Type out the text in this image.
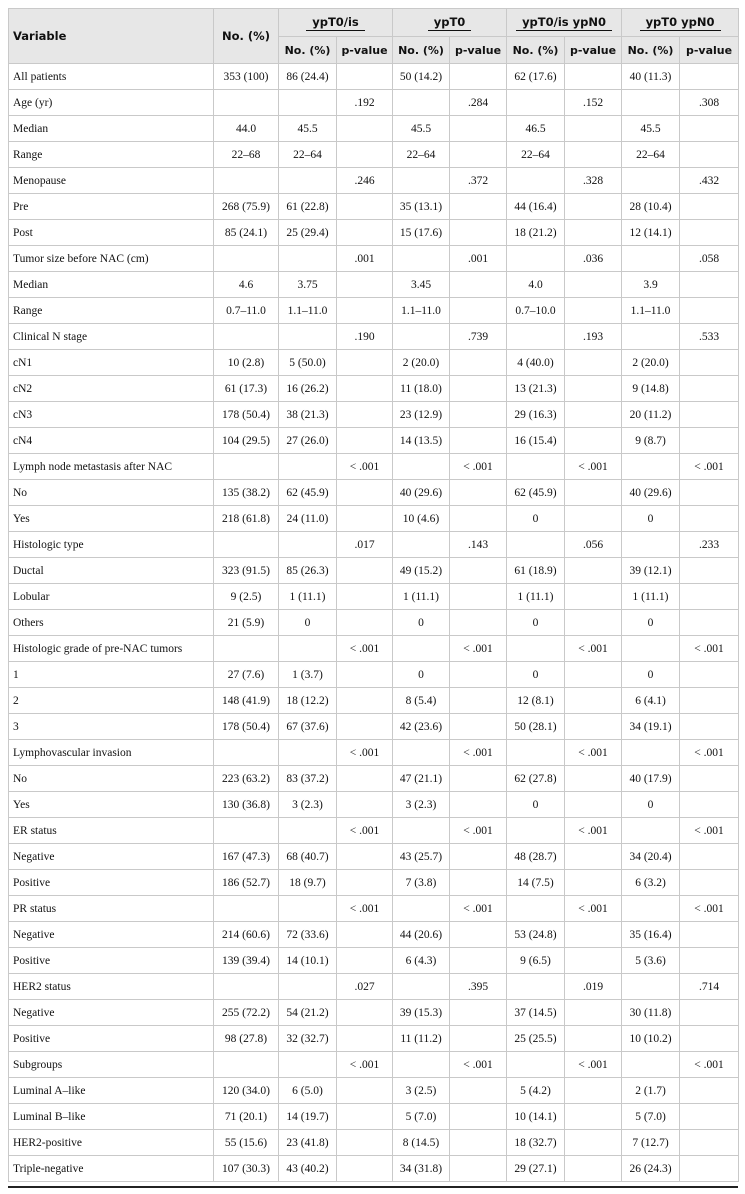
Variable	No. (%)	ypT0/is		ypT0		ypT0/is ypN0		ypT0 ypN0	
		No. (%)	p-value	No. (%)	p-value	No. (%)	p-value	No. (%)	p-value
All patients	353 (100)	86 (24.4)		50 (14.2)		62 (17.6)		40 (11.3)	
Age (yr)			.192		.284		.152		.308
Median	44.0	45.5		45.5		46.5		45.5	
Range	22–68	22–64		22–64		22–64		22–64	
Menopause			.246		.372		.328		.432
Pre	268 (75.9)	61 (22.8)		35 (13.1)		44 (16.4)		28 (10.4)	
Post	85 (24.1)	25 (29.4)		15 (17.6)		18 (21.2)		12 (14.1)	
Tumor size before NAC (cm)			.001		.001		.036		.058
Median	4.6	3.75		3.45		4.0		3.9	
Range	0.7–11.0	1.1–11.0		1.1–11.0		0.7–10.0		1.1–11.0	
Clinical N stage			.190		.739		.193		.533
cN1	10 (2.8)	5 (50.0)		2 (20.0)		4 (40.0)		2 (20.0)	
cN2	61 (17.3)	16 (26.2)		11 (18.0)		13 (21.3)		9 (14.8)	
cN3	178 (50.4)	38 (21.3)		23 (12.9)		29 (16.3)		20 (11.2)	
cN4	104 (29.5)	27 (26.0)		14 (13.5)		16 (15.4)		9 (8.7)	
Lymph node metastasis after NAC			< .001		< .001		< .001		< .001
No	135 (38.2)	62 (45.9)		40 (29.6)		62 (45.9)		40 (29.6)	
Yes	218 (61.8)	24 (11.0)		10 (4.6)		0		0	
Histologic type			.017		.143		.056		.233
Ductal	323 (91.5)	85 (26.3)		49 (15.2)		61 (18.9)		39 (12.1)	
Lobular	9 (2.5)	1 (11.1)		1 (11.1)		1 (11.1)		1 (11.1)	
Others	21 (5.9)	0		0		0		0	
Histologic grade of pre-NAC tumors			< .001		< .001		< .001		< .001
1	27 (7.6)	1 (3.7)		0		0		0	
2	148 (41.9)	18 (12.2)		8 (5.4)		12 (8.1)		6 (4.1)	
3	178 (50.4)	67 (37.6)		42 (23.6)		50 (28.1)		34 (19.1)	
Lymphovascular invasion			< .001		< .001		< .001		< .001
No	223 (63.2)	83 (37.2)		47 (21.1)		62 (27.8)		40 (17.9)	
Yes	130 (36.8)	3 (2.3)		3 (2.3)		0		0	
ER status			< .001		< .001		< .001		< .001
Negative	167 (47.3)	68 (40.7)		43 (25.7)		48 (28.7)		34 (20.4)	
Positive	186 (52.7)	18 (9.7)		7 (3.8)		14 (7.5)		6 (3.2)	
PR status			< .001		< .001		< .001		< .001
Negative	214 (60.6)	72 (33.6)		44 (20.6)		53 (24.8)		35 (16.4)	
Positive	139 (39.4)	14 (10.1)		6 (4.3)		9 (6.5)		5 (3.6)	
HER2 status			.027		.395		.019		.714
Negative	255 (72.2)	54 (21.2)		39 (15.3)		37 (14.5)		30 (11.8)	
Positive	98 (27.8)	32 (32.7)		11 (11.2)		25 (25.5)		10 (10.2)	
Subgroups			< .001		< .001		< .001		< .001
Luminal A–like	120 (34.0)	6 (5.0)		3 (2.5)		5 (4.2)		2 (1.7)	
Luminal B–like	71 (20.1)	14 (19.7)		5 (7.0)		10 (14.1)		5 (7.0)	
HER2-positive	55 (15.6)	23 (41.8)		8 (14.5)		18 (32.7)		7 (12.7)	
Triple-negative	107 (30.3)	43 (40.2)		34 (31.8)		29 (27.1)		26 (24.3)	
